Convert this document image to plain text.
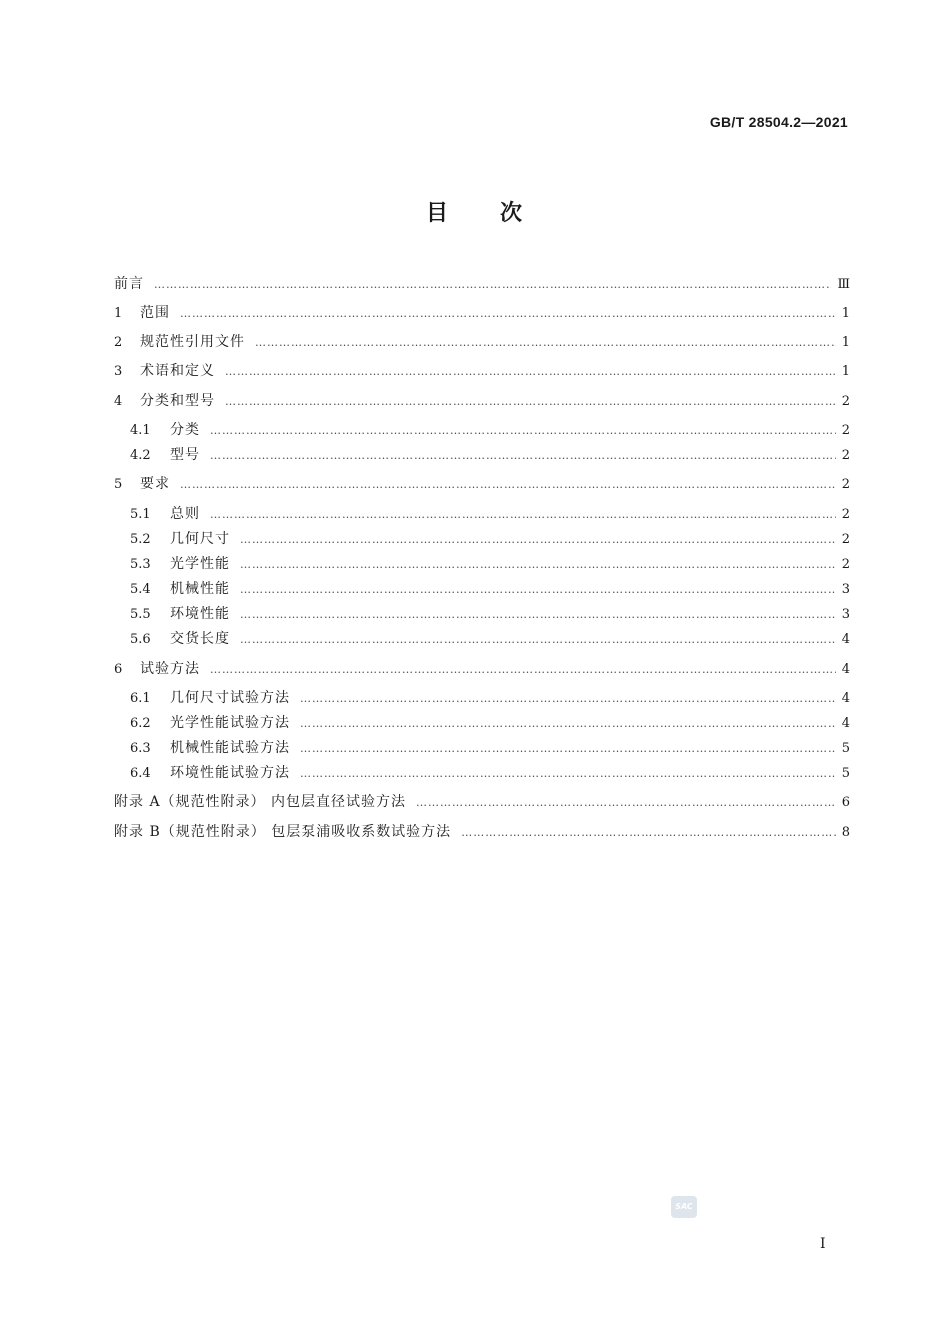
GB/T 28504.2—2021
目 次
前言 ………………………………………………………………………………………………………………………………………………………………………………………………………………………………………………………	Ⅲ
1	范围 ………………………………………………………………………………………………………………………………………………………………………………………………………………………………………………………	1
2	规范性引用文件 ………………………………………………………………………………………………………………………………………………………………………………………………………………………………………………………	1
3	术语和定义 ………………………………………………………………………………………………………………………………………………………………………………………………………………………………………………………	1
4	分类和型号 ………………………………………………………………………………………………………………………………………………………………………………………………………………………………………………………	2
4.1	分类 ………………………………………………………………………………………………………………………………………………………………………………………………………………………………………………………	2
4.2	型号 ………………………………………………………………………………………………………………………………………………………………………………………………………………………………………………………	2
5	要求 ………………………………………………………………………………………………………………………………………………………………………………………………………………………………………………………	2
5.1	总则 ………………………………………………………………………………………………………………………………………………………………………………………………………………………………………………………	2
5.2	几何尺寸 ………………………………………………………………………………………………………………………………………………………………………………………………………………………………………………………	2
5.3	光学性能 ………………………………………………………………………………………………………………………………………………………………………………………………………………………………………………………	2
5.4	机械性能 ………………………………………………………………………………………………………………………………………………………………………………………………………………………………………………………	3
5.5	环境性能 ………………………………………………………………………………………………………………………………………………………………………………………………………………………………………………………	3
5.6	交货长度 ………………………………………………………………………………………………………………………………………………………………………………………………………………………………………………………	4
6	试验方法 ………………………………………………………………………………………………………………………………………………………………………………………………………………………………………………………	4
6.1	几何尺寸试验方法 ………………………………………………………………………………………………………………………………………………………………………………………………………………………………………………………	4
6.2	光学性能试验方法 ………………………………………………………………………………………………………………………………………………………………………………………………………………………………………………………	4
6.3	机械性能试验方法 ………………………………………………………………………………………………………………………………………………………………………………………………………………………………………………………	5
6.4	环境性能试验方法 ………………………………………………………………………………………………………………………………………………………………………………………………………………………………………………………	5
附录 A（规范性附录） 内包层直径试验方法 ………………………………………………………………………………………………………………………………………………………………………………………………………………………………………………………	6
附录 B（规范性附录） 包层泵浦吸收系数试验方法 ………………………………………………………………………………………………………………………………………………………………………………………………………………………………………………………	8
SAC
I
